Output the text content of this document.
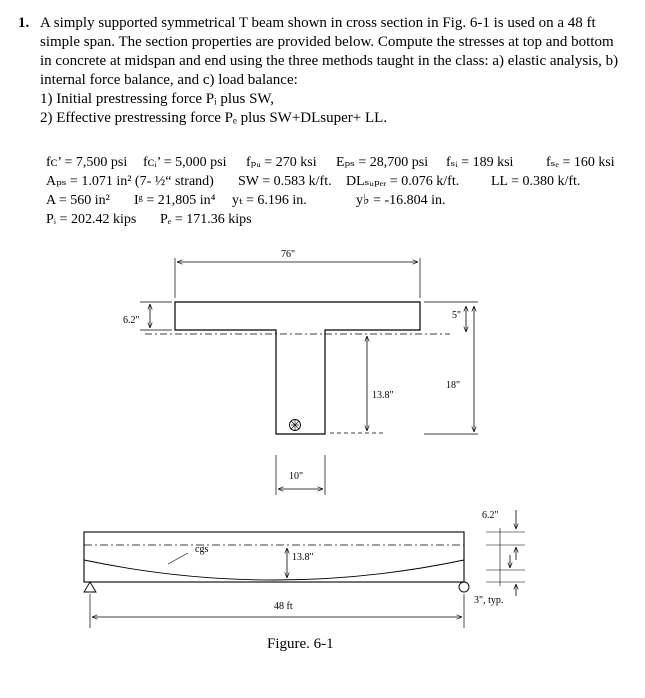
1. A simply supported symmetrical T beam shown in cross section in Fig. 6-1 is used on a 48 ft simple span. The section properties are provided below. Compute the stresses at top and bottom in concrete at midspan and end using the three methods taught in the class: a) elastic analysis, b) internal force balance, and c) load balance:
1) Initial prestressing force Pᵢ plus SW,
2) Effective prestressing force Pₑ plus SW+DLsuper+ LL.
fᴄ’ = 7,500 psi fᴄᵢ’ = 5,000 psi fₚᵤ = 270 ksi Eₚₛ = 28,700 psi fₛᵢ = 189 ksi fₛₑ = 160 ksi
Aₚₛ = 1.071 in² (7- ½“ strand) SW = 0.583 k/ft. DLₛᵤₚₑᵣ = 0.076 k/ft. LL = 0.380 k/ft.
A = 560 in² Iᵍ = 21,805 in⁴ yₜ = 6.196 in.	y♭ = -16.804 in.
Pᵢ = 202.42 kips Pₑ = 171.36 kips
76"
6.2"	5"
18"
13.8"
10"
cgs
13.8"
48 ft
6.2"
3", typ.
Figure. 6-1
